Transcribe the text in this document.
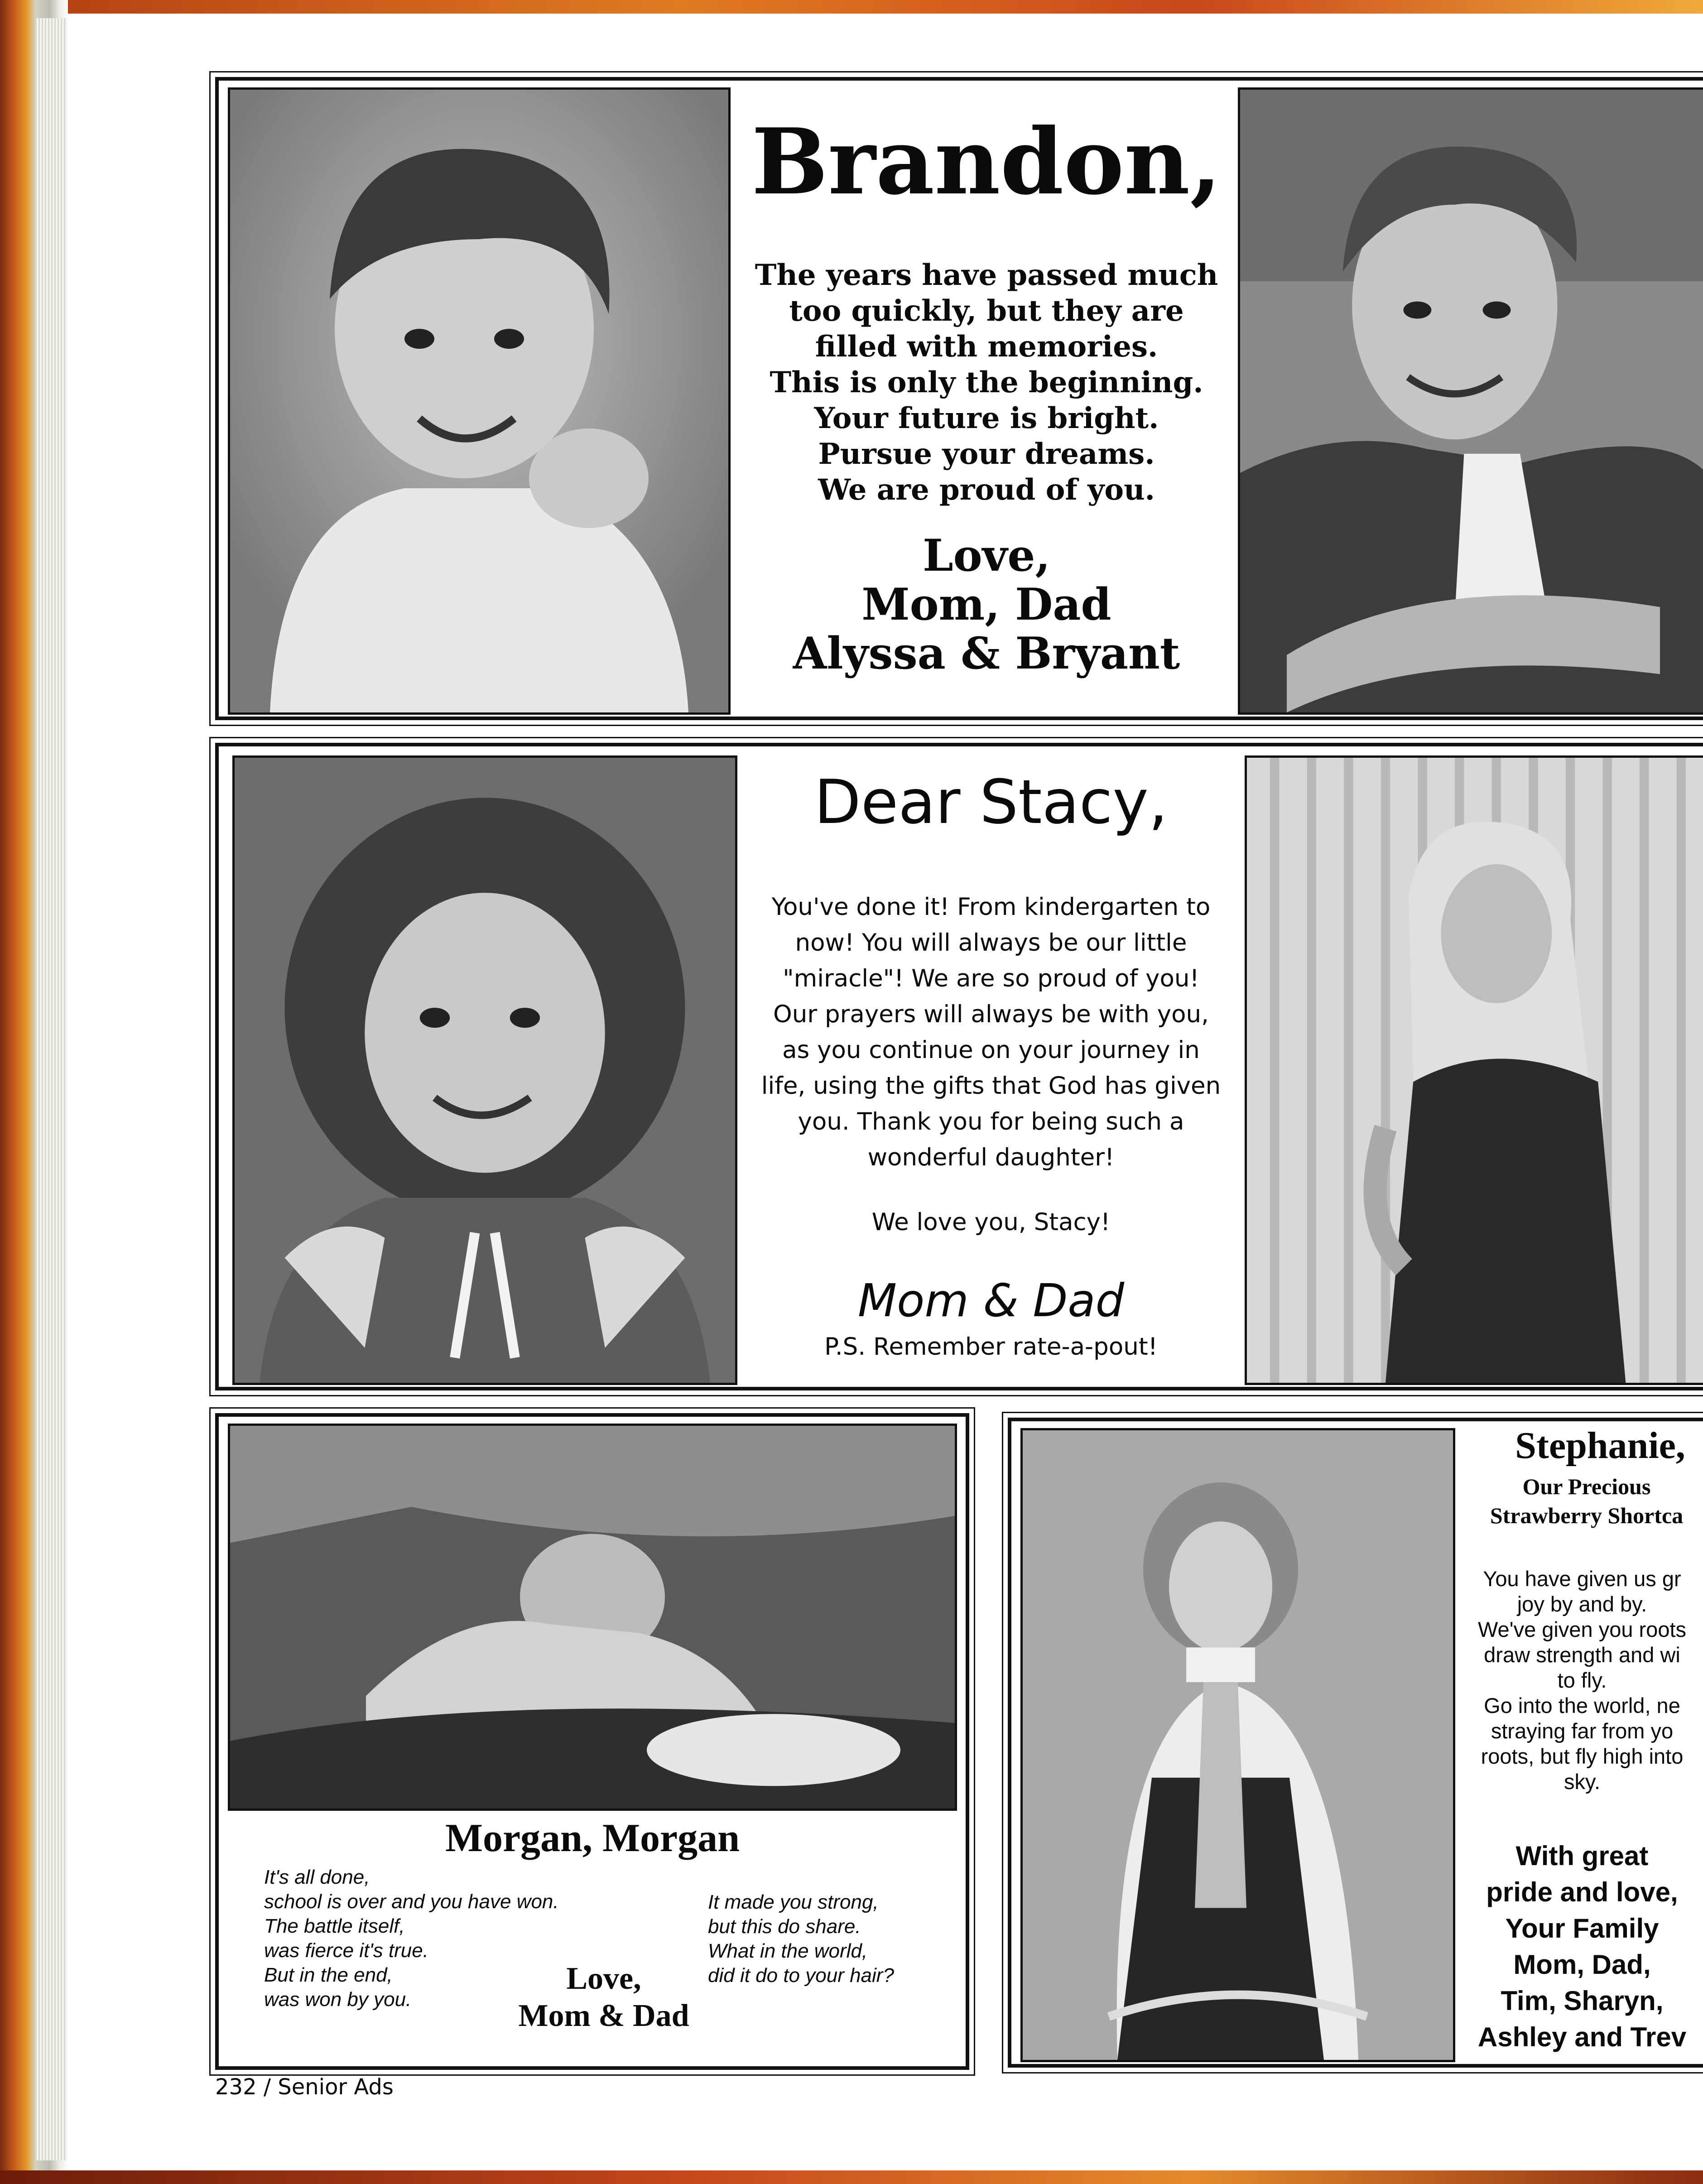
Brandon,

The years have passed much
too quickly, but they are
filled with memories.
This is only the beginning.
Your future is bright.
Pursue your dreams.
We are proud of you.
Love,
Mom, Dad
Alyssa & Bryant

Dear Stacy,

You've done it! From kindergarten to
now! You will always be our little
"miracle"! We are so proud of you!
Our prayers will always be with you,
as you continue on your journey in
life, using the gifts that God has given
you. Thank you for being such a
wonderful daughter!

We love you, Stacy!

Mom & Dad

P.S. Remember rate-a-pout!

Morgan, Morgan

It's all done,
school is over and you have won.
The battle itself,
was fierce it's true.
But in the end,
was won by you.
It made you strong,
but this do share.
What in the world,
did it do to your hair?
Love,
Mom & Dad

Stephanie,

Our Precious
Strawberry Shortca
You have given us gr
joy by and by.
We've given you roots
draw strength and wi
to fly.
Go into the world, ne
straying far from yo
roots, but fly high into
sky.
With great
pride and love,
Your Family
Mom, Dad,
Tim, Sharyn,
Ashley and Trev

232 / Senior Ads
